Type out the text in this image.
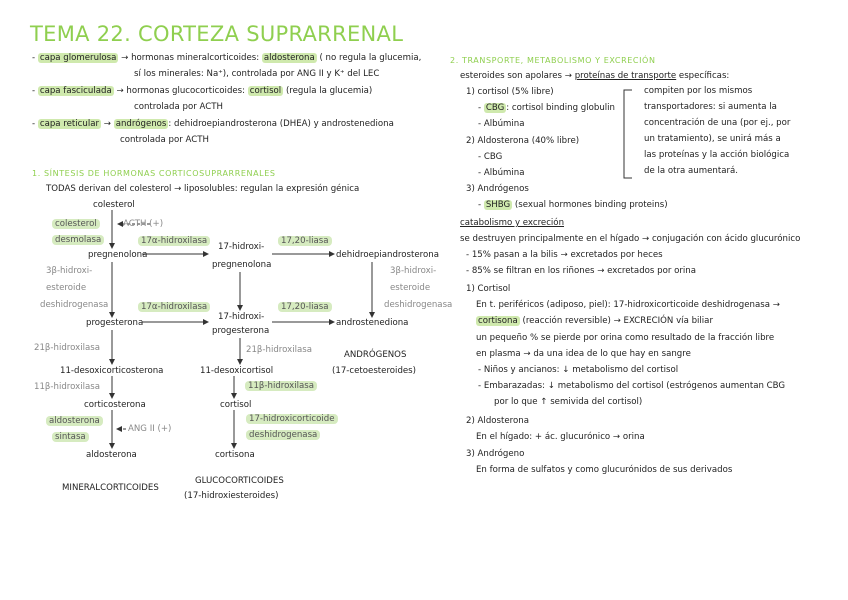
TEMA 22. CORTEZA SUPRARRENAL
- capa glomerulosa → hormonas mineralcorticoides: aldosterona ( no regula la glucemia,
sí los minerales: Na⁺), controlada por ANG II y K⁺ del LEC
- capa fasciculada → hormonas glucocorticoides: cortisol (regula la glucemia)
controlada por ACTH
- capa reticular → andrógenos : dehidroepiandrosterona (DHEA) y androstenediona
controlada por ACTH
1. SÍNTESIS DE HORMONAS CORTICOSUPRARRENALES
TODAS derivan del colesterol → liposolubles: regulan la expresión génica
colesterol
colesterol
desmolasa
ACTH (+)
pregnenolona
17α-hidroxilasa
17-hidroxi-
pregnenolona
17,20-liasa
dehidroepiandrosterona
3β-hidroxi-
esteroide
deshidrogenasa
3β-hidroxi-
esteroide
deshidrogenasa
17α-hidroxilasa
progesterona
17-hidroxi-
progesterona
17,20-liasa
androstenediona
21β-hidroxilasa	21β-hidroxilasa	ANDRÓGENOS
(17-cetoesteroides)
11-desoxicorticosterona	11-desoxicortisol
11β-hidroxilasa	11β-hidroxilasa
corticosterona	cortisol
aldosterona
sintasa
ANG II (+)
17-hidroxicorticoide
deshidrogenasa
aldosterona	cortisona
MINERALCORTICOIDES
GLUCOCORTICOIDES
(17-hidroxiesteroides)
2. TRANSPORTE, METABOLISMO Y EXCRECIÓN
esteroides son apolares → proteínas de transporte específicas:
1) cortisol (5% libre)
- CBG : cortisol binding globulin
- Albúmina
2) Aldosterona (40% libre)
- CBG
- Albúmina
compiten por los mismos
transportadores: si aumenta la
concentración de una (por ej., por
un tratamiento), se unirá más a
las proteínas y la acción biológica
de la otra aumentará.
3) Andrógenos
- SHBG (sexual hormones binding proteins)
catabolismo y excreción
se destruyen principalmente en el hígado → conjugación con ácido glucurónico
- 15% pasan a la bilis → excretados por heces
- 85% se filtran en los riñones → excretados por orina
1) Cortisol
En t. periféricos (adiposo, piel): 17-hidroxicorticoide deshidrogenasa →
cortisona (reacción reversible) → EXCRECIÓN vía biliar
un pequeño % se pierde por orina como resultado de la fracción libre
en plasma → da una idea de lo que hay en sangre
- Niños y ancianos: ↓ metabolismo del cortisol
- Embarazadas: ↓ metabolismo del cortisol (estrógenos aumentan CBG
por lo que ↑ semivida del cortisol)
2) Aldosterona
En el hígado: + ác. glucurónico → orina
3) Andrógeno
En forma de sulfatos y como glucurónidos de sus derivados
